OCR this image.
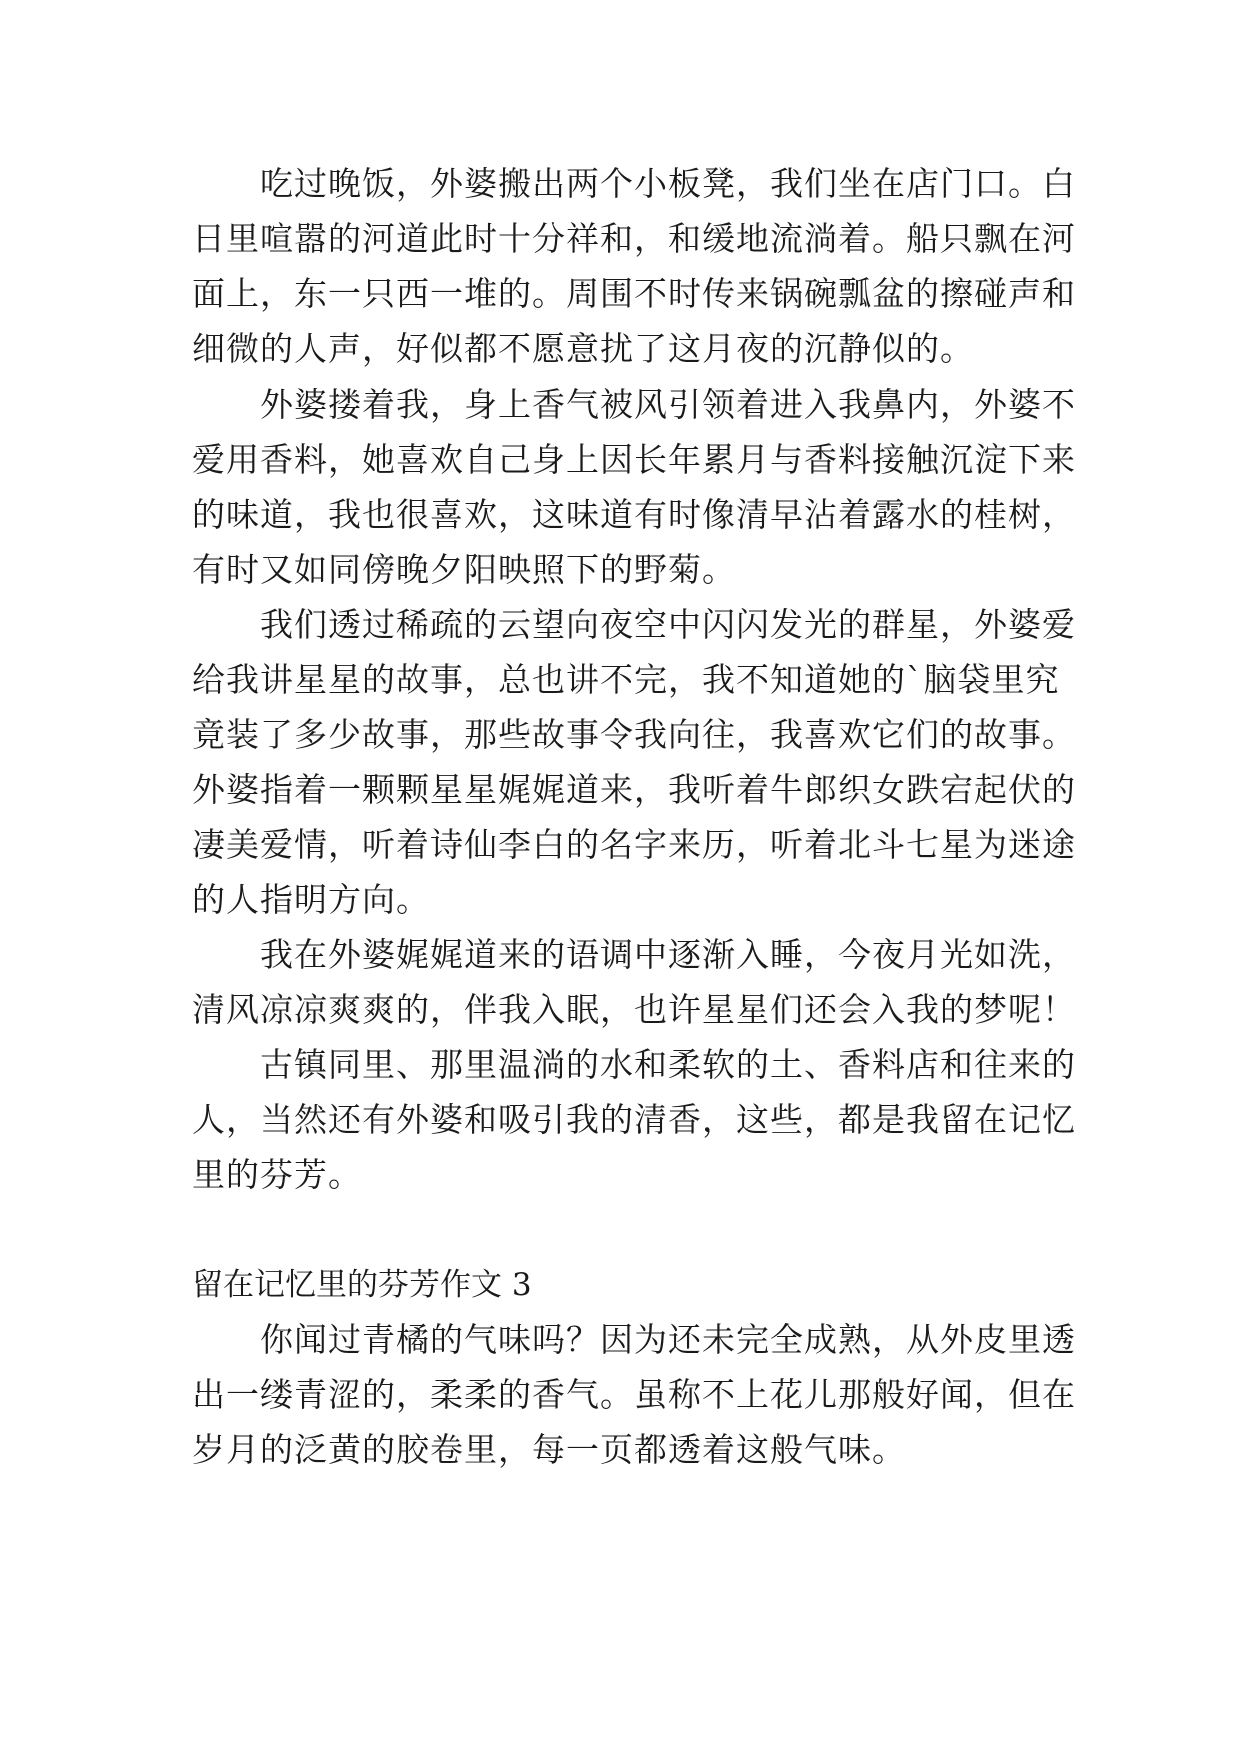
　　吃过晚饭，外婆搬出两个小板凳，我们坐在店门口。白
日里喧嚣的河道此时十分祥和，和缓地流淌着。船只飘在河
面上，东一只西一堆的。周围不时传来锅碗瓢盆的擦碰声和
细微的人声，好似都不愿意扰了这月夜的沉静似的。
　　外婆搂着我，身上香气被风引领着进入我鼻内，外婆不
爱用香料，她喜欢自己身上因长年累月与香料接触沉淀下来
的味道，我也很喜欢，这味道有时像清早沾着露水的桂树，
有时又如同傍晚夕阳映照下的野菊。
　　我们透过稀疏的云望向夜空中闪闪发光的群星，外婆爱
给我讲星星的故事，总也讲不完，我不知道她的`脑袋里究
竟装了多少故事，那些故事令我向往，我喜欢它们的故事。
外婆指着一颗颗星星娓娓道来，我听着牛郎织女跌宕起伏的
凄美爱情，听着诗仙李白的名字来历，听着北斗七星为迷途
的人指明方向。
　　我在外婆娓娓道来的语调中逐渐入睡，今夜月光如洗，
清风凉凉爽爽的，伴我入眠，也许星星们还会入我的梦呢！
　　古镇同里、那里温淌的水和柔软的土、香料店和往来的
人，当然还有外婆和吸引我的清香，这些，都是我留在记忆
里的芬芳。
留在记忆里的芬芳作文 3
　　你闻过青橘的气味吗？因为还未完全成熟，从外皮里透
出一缕青涩的，柔柔的香气。虽称不上花儿那般好闻，但在
岁月的泛黄的胶卷里，每一页都透着这般气味。
